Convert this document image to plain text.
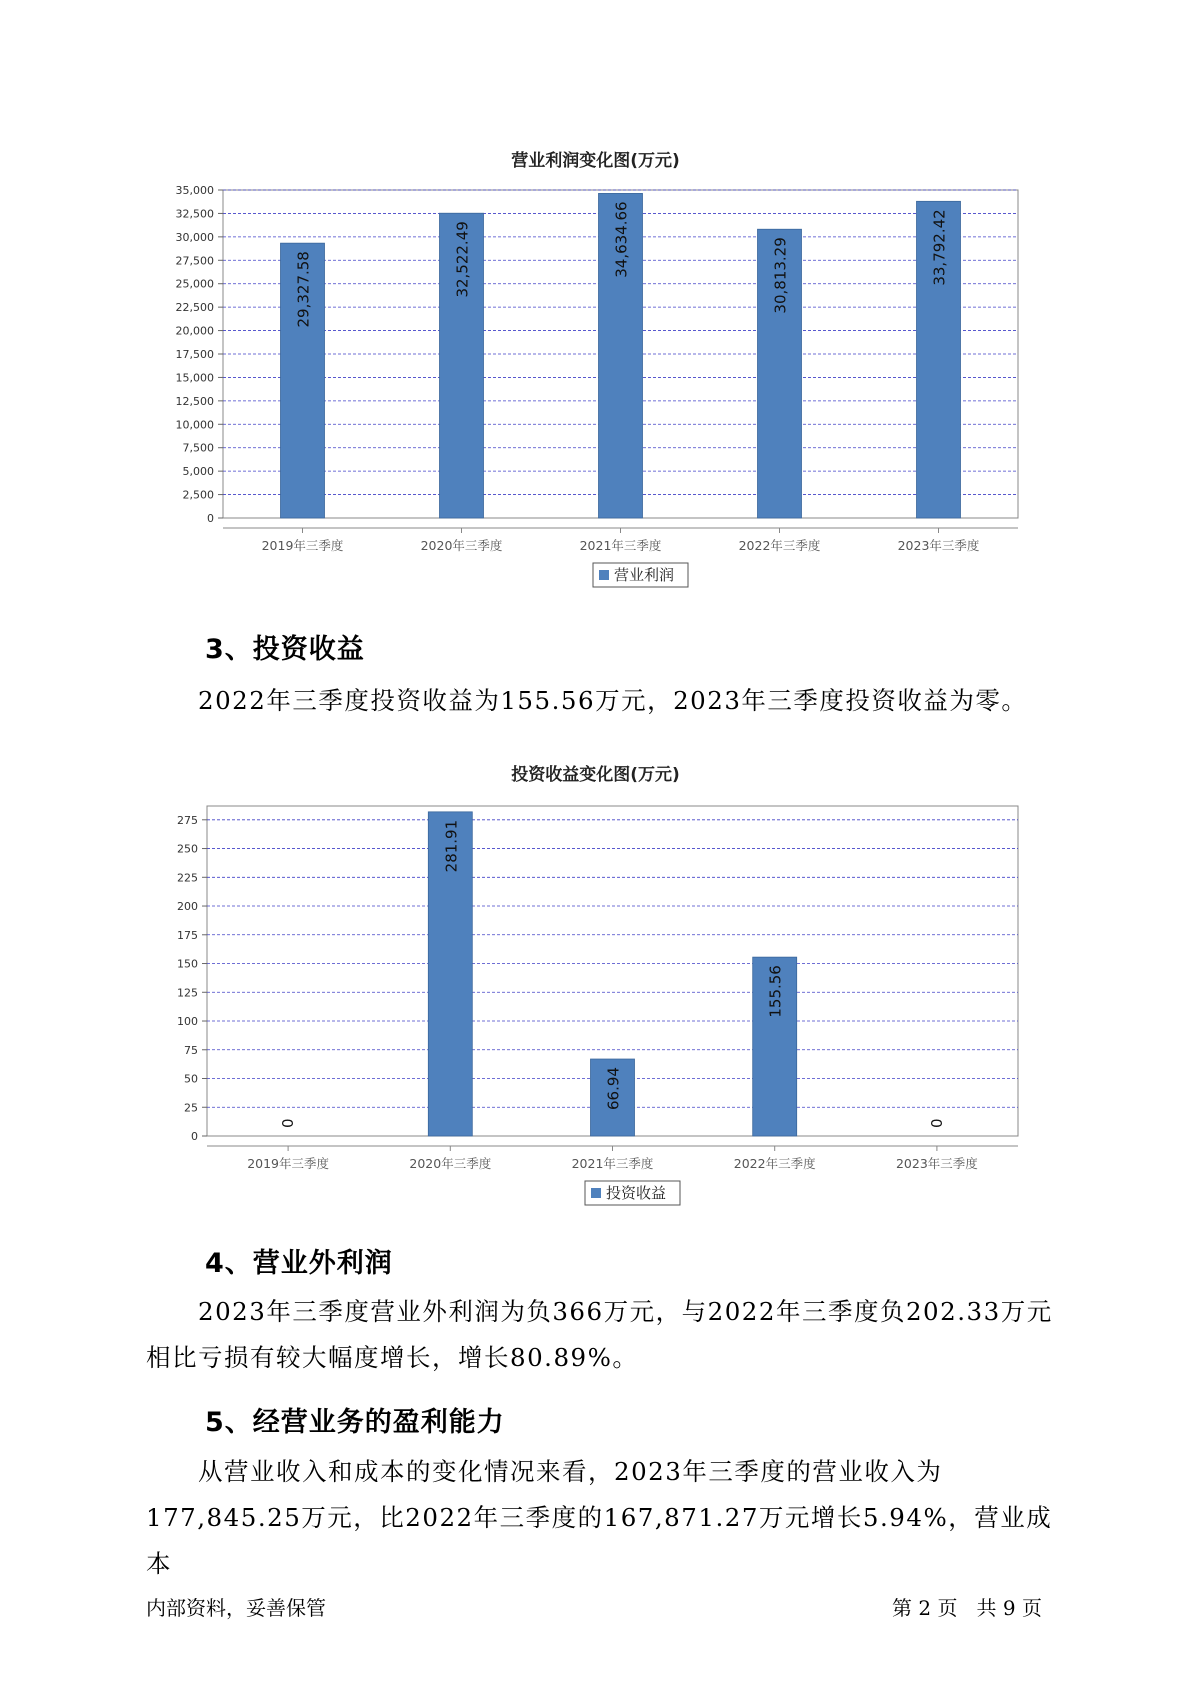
营业利润变化图(万元)
0
2,500
5,000
7,500
10,000
12,500
15,000
17,500
20,000
22,500
25,000
27,500
30,000
32,500
35,000
2019年三季度
29,327.58
2020年三季度
32,522.49
2021年三季度
34,634.66
2022年三季度
30,813.29
2023年三季度
33,792.42
营业利润
3、投资收益

2022年三季度投资收益为155.56万元，2023年三季度投资收益为零。

投资收益变化图(万元)
0
25
50
75
100
125
150
175
200
225
250
275
2019年三季度
0
2020年三季度
281.91
2021年三季度
66.94
2022年三季度
155.56
2023年三季度
0
投资收益
4、营业外利润

2023年三季度营业外利润为负366万元，与2022年三季度负202.33万元
相比亏损有较大幅度增长，增长80.89%。

5、经营业务的盈利能力

从营业收入和成本的变化情况来看，2023年三季度的营业收入为
177,845.25万元，比2022年三季度的167,871.27万元增长5.94%，营业成本

内部资料，妥善保管	第 2 页   共 9 页
